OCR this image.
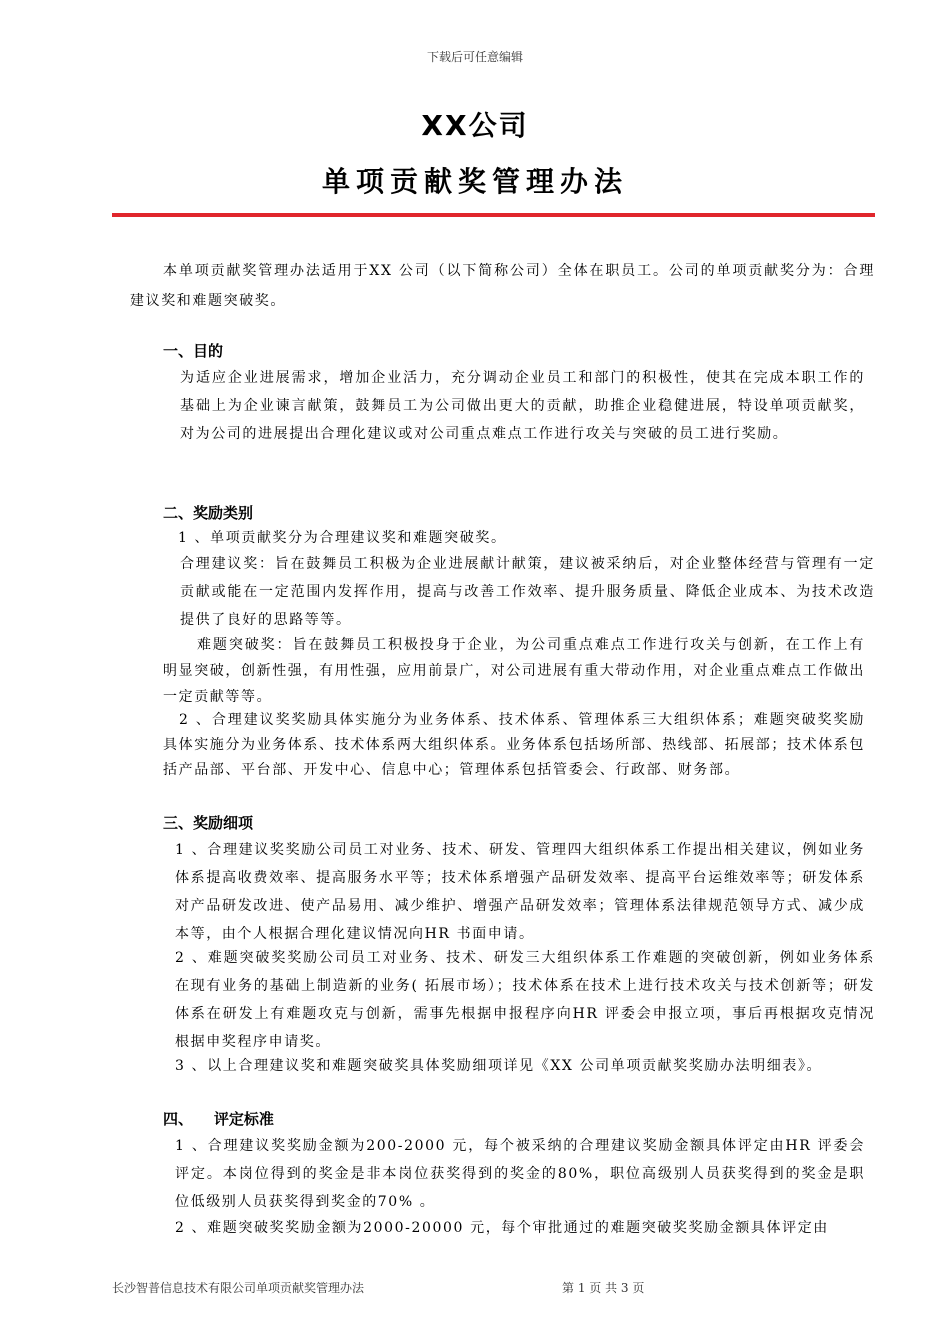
下载后可任意编辑
XX公司
单项贡献奖管理办法

本单项贡献奖管理办法适用于XX 公司（以下简称公司）全体在职员工。公司的单项贡献奖分为：合理建议奖和难题突破奖。

一、目的

为适应企业进展需求，增加企业活力，充分调动企业员工和部门的积极性，使其在完成本职工作的基础上为企业谏言献策，鼓舞员工为公司做出更大的贡献，助推企业稳健进展，特设单项贡献奖，对为公司的进展提出合理化建议或对公司重点难点工作进行攻关与突破的员工进行奖励。

二、奖励类别

1 、单项贡献奖分为合理建议奖和难题突破奖。

合理建议奖：旨在鼓舞员工积极为企业进展献计献策，建议被采纳后，对企业整体经营与管理有一定贡献或能在一定范围内发挥作用，提高与改善工作效率、提升服务质量、降低企业成本、为技术改造提供了良好的思路等等。

难题突破奖：旨在鼓舞员工积极投身于企业，为公司重点难点工作进行攻关与创新，在工作上有明显突破，创新性强，有用性强，应用前景广，对公司进展有重大带动作用，对企业重点难点工作做出一定贡献等等。

2 、合理建议奖奖励具体实施分为业务体系、技术体系、管理体系三大组织体系；难题突破奖奖励具体实施分为业务体系、技术体系两大组织体系。业务体系包括场所部、热线部、拓展部；技术体系包括产品部、平台部、开发中心、信息中心；管理体系包括管委会、行政部、财务部。

三、奖励细项

1 、合理建议奖奖励公司员工对业务、技术、研发、管理四大组织体系工作提出相关建议，例如业务体系提高收费效率、提高服务水平等；技术体系增强产品研发效率、提高平台运维效率等；研发体系对产品研发改进、使产品易用、减少维护、增强产品研发效率；管理体系法律规范领导方式、减少成本等，由个人根据合理化建议情况向HR 书面申请。

2 、难题突破奖奖励公司员工对业务、技术、研发三大组织体系工作难题的突破创新，例如业务体系在现有业务的基础上制造新的业务( 拓展市场）；技术体系在技术上进行技术攻关与技术创新等；研发体系在研发上有难题攻克与创新，需事先根据申报程序向HR 评委会申报立项，事后再根据攻克情况根据申奖程序申请奖。

3 、以上合理建议奖和难题突破奖具体奖励细项详见《XX 公司单项贡献奖奖励办法明细表》。

四、    评定标准

1 、合理建议奖奖励金额为200-2000 元，每个被采纳的合理建议奖励金额具体评定由HR 评委会评定。本岗位得到的奖金是非本岗位获奖得到的奖金的80%，职位高级别人员获奖得到的奖金是职位低级别人员获奖得到奖金的70% 。

2 、难题突破奖奖励金额为2000-20000 元，每个审批通过的难题突破奖奖励金额具体评定由

长沙智普信息技术有限公司单项贡献奖管理办法	第 1 页 共 3 页
